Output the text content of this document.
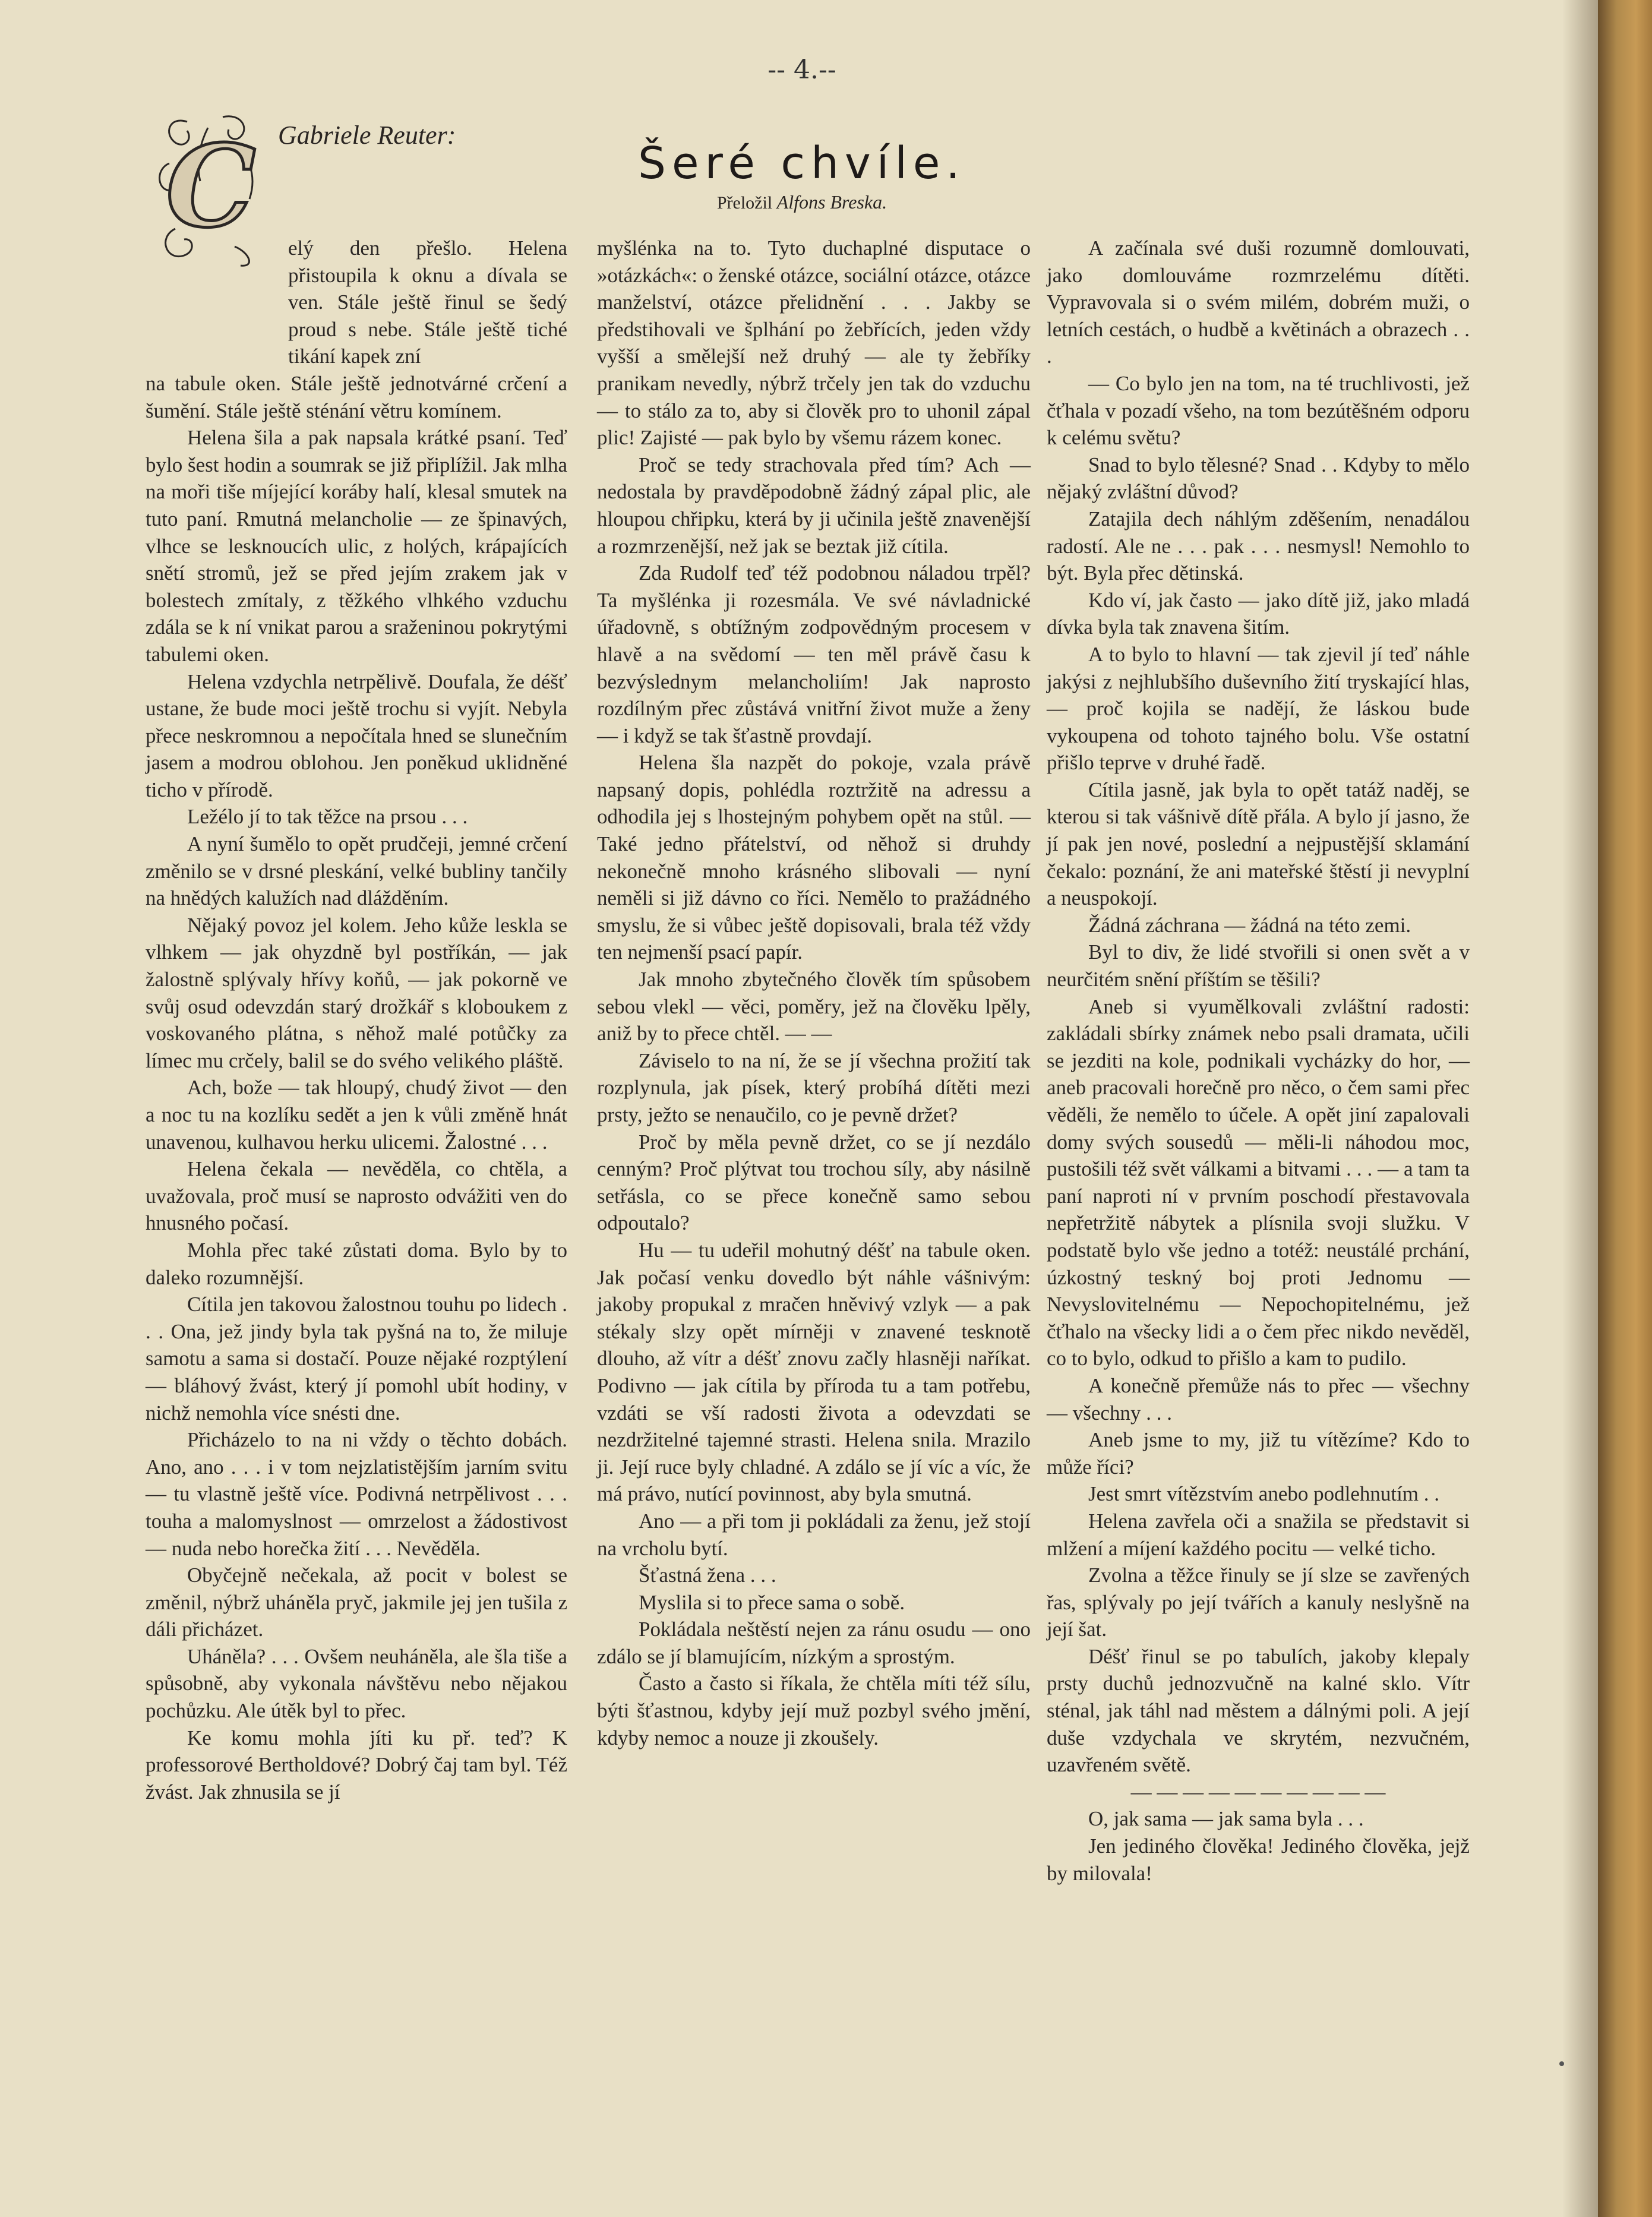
-- 4.--
C Gabriele Reuter:
Šeré chvíle.
Přeložil Alfons Breska.

elý den přešlo. Helena přistoupila k oknu a dívala se ven. Stále ještě řinul se šedý proud s nebe. Stále ještě tiché tikání kapek zní

na tabule oken. Stále ještě jednotvárné crčení a šumění. Stále ještě sténání větru komínem.

Helena šila a pak napsala krátké psaní. Teď bylo šest hodin a soumrak se již připlížil. Jak mlha na moři tiše míjející koráby halí, klesal smutek na tuto paní. Rmutná melancholie — ze špinavých, vlhce se lesknoucích ulic, z holých, krápajících snětí stromů, jež se před jejím zrakem jak v bolestech zmítaly, z těžkého vlhkého vzduchu zdála se k ní vnikat parou a sraženinou pokrytými tabulemi oken.

Helena vzdychla netrpělivě. Doufala, že déšť ustane, že bude moci ještě trochu si vyjít. Nebyla přece neskromnou a nepočítala hned se slunečním jasem a modrou oblohou. Jen poněkud uklidněné ticho v přírodě.

Ležélo jí to tak těžce na prsou . . .

A nyní šumělo to opět prudčeji, jemné crčení změnilo se v drsné pleskání, velké bubliny tančily na hnědých kalužích nad dlážděním.

Nějaký povoz jel kolem. Jeho kůže leskla se vlhkem — jak ohyzdně byl postříkán, — jak žalostně splývaly hřívy koňů, — jak pokorně ve svůj osud odevzdán starý drožkář s kloboukem z voskovaného plátna, s něhož malé potůčky za límec mu crčely, balil se do svého velikého pláště.

Ach, bože — tak hloupý, chudý život — den a noc tu na kozlíku sedět a jen k vůli změně hnát unavenou, kulhavou herku ulicemi. Žalostné . . .

Helena čekala — nevěděla, co chtěla, a uvažovala, proč musí se naprosto odvážiti ven do hnusného počasí.

Mohla přec také zůstati doma. Bylo by to daleko rozumnější.

Cítila jen takovou žalostnou touhu po lidech . . . Ona, jež jindy byla tak pyšná na to, že miluje samotu a sama si dostačí. Pouze nějaké rozptýlení — bláhový žvást, který jí pomohl ubít hodiny, v nichž nemohla více snésti dne.

Přicházelo to na ni vždy o těchto dobách. Ano, ano . . . i v tom nejzlatistějším jarním svitu — tu vlastně ještě více. Podivná netrpělivost . . . touha a malomyslnost — omrzelost a žádostivost — nuda nebo horečka žití . . . Nevěděla.

Obyčejně nečekala, až pocit v bolest se změnil, nýbrž uháněla pryč, jakmile jej jen tušila z dáli přicházet.

Uháněla? . . . Ovšem neuháněla, ale šla tiše a spůsobně, aby vykonala návštěvu nebo nějakou pochůzku. Ale útěk byl to přec.

Ke komu mohla jíti ku př. teď? K professorové Bertholdové? Dobrý čaj tam byl. Též žvást. Jak zhnusila se jí

myšlénka na to. Tyto duchaplné disputace o »otázkách«: o ženské otázce, sociální otázce, otázce manželství, otázce přelidnění . . . Jakby se předstihovali ve šplhání po žebřících, jeden vždy vyšší a smělejší než druhý — ale ty žebříky pranikam nevedly, nýbrž trčely jen tak do vzduchu — to stálo za to, aby si člověk pro to uhonil zápal plic! Zajisté — pak bylo by všemu rázem konec.

Proč se tedy strachovala před tím? Ach — nedostala by pravděpodobně žádný zápal plic, ale hloupou chřipku, která by ji učinila ještě znavenější a rozmrzenější, než jak se beztak již cítila.

Zda Rudolf teď též podobnou náladou trpěl? Ta myšlénka ji rozesmála. Ve své návladnické úřadovně, s obtížným zodpovědným procesem v hlavě a na svědomí — ten měl právě času k bezvýslednym melancholiím! Jak naprosto rozdílným přec zůstává vnitřní život muže a ženy — i když se tak šťastně provdají.

Helena šla nazpět do pokoje, vzala právě napsaný dopis, pohlédla roztržitě na adressu a odhodila jej s lhostejným pohybem opět na stůl. — Také jedno přátelství, od něhož si druhdy nekonečně mnoho krásného slibovali — nyní neměli si již dávno co říci. Nemělo to pražádného smyslu, že si vůbec ještě dopisovali, brala též vždy ten nejmenší psací papír.

Jak mnoho zbytečného člověk tím spůsobem sebou vlekl — věci, poměry, jež na člověku lpěly, aniž by to přece chtěl. — —

Záviselo to na ní, že se jí všechna prožití tak rozplynula, jak písek, který probíhá dítěti mezi prsty, ježto se nenaučilo, co je pevně držet?

Proč by měla pevně držet, co se jí nezdálo cenným? Proč plýtvat tou trochou síly, aby násilně setřásla, co se přece konečně samo sebou odpoutalo?

Hu — tu udeřil mohutný déšť na tabule oken. Jak počasí venku dovedlo být náhle vášnivým: jakoby propukal z mračen hněvivý vzlyk — a pak stékaly slzy opět mírněji v znavené tesknotě dlouho, až vítr a déšť znovu začly hlasněji naříkat. Podivno — jak cítila by příroda tu a tam potřebu, vzdáti se vší radosti života a odevzdati se nezdržitelné tajemné strasti. Helena snila. Mrazilo ji. Její ruce byly chladné. A zdálo se jí víc a víc, že má právo, nutící povinnost, aby byla smutná.

Ano — a při tom ji pokládali za ženu, jež stojí na vrcholu bytí.

Šťastná žena . . .

Myslila si to přece sama o sobě.

Pokládala neštěstí nejen za ránu osudu — ono zdálo se jí blamujícím, nízkým a sprostým.

Často a často si říkala, že chtěla míti též sílu, býti šťastnou, kdyby její muž pozbyl svého jmění, kdyby nemoc a nouze ji zkoušely.

A začínala své duši rozumně domlouvati, jako domlouváme rozmrzelému dítěti. Vypravovala si o svém milém, dobrém muži, o letních cestách, o hudbě a květinách a obrazech . . .

— Co bylo jen na tom, na té truchlivosti, jež čťhala v pozadí všeho, na tom bezútěšném odporu k celému světu?

Snad to bylo tělesné? Snad . . Kdyby to mělo nějaký zvláštní důvod?

Zatajila dech náhlým zděšením, nenadálou radostí. Ale ne . . . pak . . . nesmysl! Nemohlo to být. Byla přec dětinská.

Kdo ví, jak často — jako dítě již, jako mladá dívka byla tak znavena šitím.

A to bylo to hlavní — tak zjevil jí teď náhle jakýsi z nejhlubšího duševního žití tryskající hlas, — proč kojila se nadějí, že láskou bude vykoupena od tohoto tajného bolu. Vše ostatní přišlo teprve v druhé řadě.

Cítila jasně, jak byla to opět tatáž naděj, se kterou si tak vášnivě dítě přála. A bylo jí jasno, že jí pak jen nové, poslední a nejpustější sklamání čekalo: poznání, že ani mateřské štěstí ji nevyplní a neuspokojí.

Žádná záchrana — žádná na této zemi.

Byl to div, že lidé stvořili si onen svět a v neurčitém snění příštím se těšili?

Aneb si vyumělkovali zvláštní radosti: zakládali sbírky známek nebo psali dramata, učili se jezditi na kole, podnikali vycházky do hor, — aneb pracovali horečně pro něco, o čem sami přec věděli, že nemělo to účele. A opět jiní zapalovali domy svých sousedů — měli-li náhodou moc, pustošili též svět válkami a bitvami . . . — a tam ta paní naproti ní v prvním poschodí přestavovala nepřetržitě nábytek a plísnila svoji služku. V podstatě bylo vše jedno a totéž: neustálé prchání, úzkostný teskný boj proti Jednomu — Nevyslovitelnému — Nepochopitelnému, jež čťhalo na všecky lidi a o čem přec nikdo nevěděl, co to bylo, odkud to přišlo a kam to pudilo.

A konečně přemůže nás to přec — všechny — všechny . . .

Aneb jsme to my, již tu vítězíme? Kdo to může říci?

Jest smrt vítězstvím anebo podlehnutím . .

Helena zavřela oči a snažila se představit si mlžení a míjení každého pocitu — velké ticho.

Zvolna a těžce řinuly se jí slze se zavřených řas, splývaly po její tvářích a kanuly neslyšně na její šat.

Déšť řinul se po tabulích, jakoby klepaly prsty duchů jednozvučně na kalné sklo. Vítr sténal, jak táhl nad městem a dálnými poli. A její duše vzdychala ve skrytém, nezvučném, uzavřeném světě.

— — — — — — — — — —

O, jak sama — jak sama byla . . .

Jen jediného člověka! Jediného člověka, jejž by milovala!
